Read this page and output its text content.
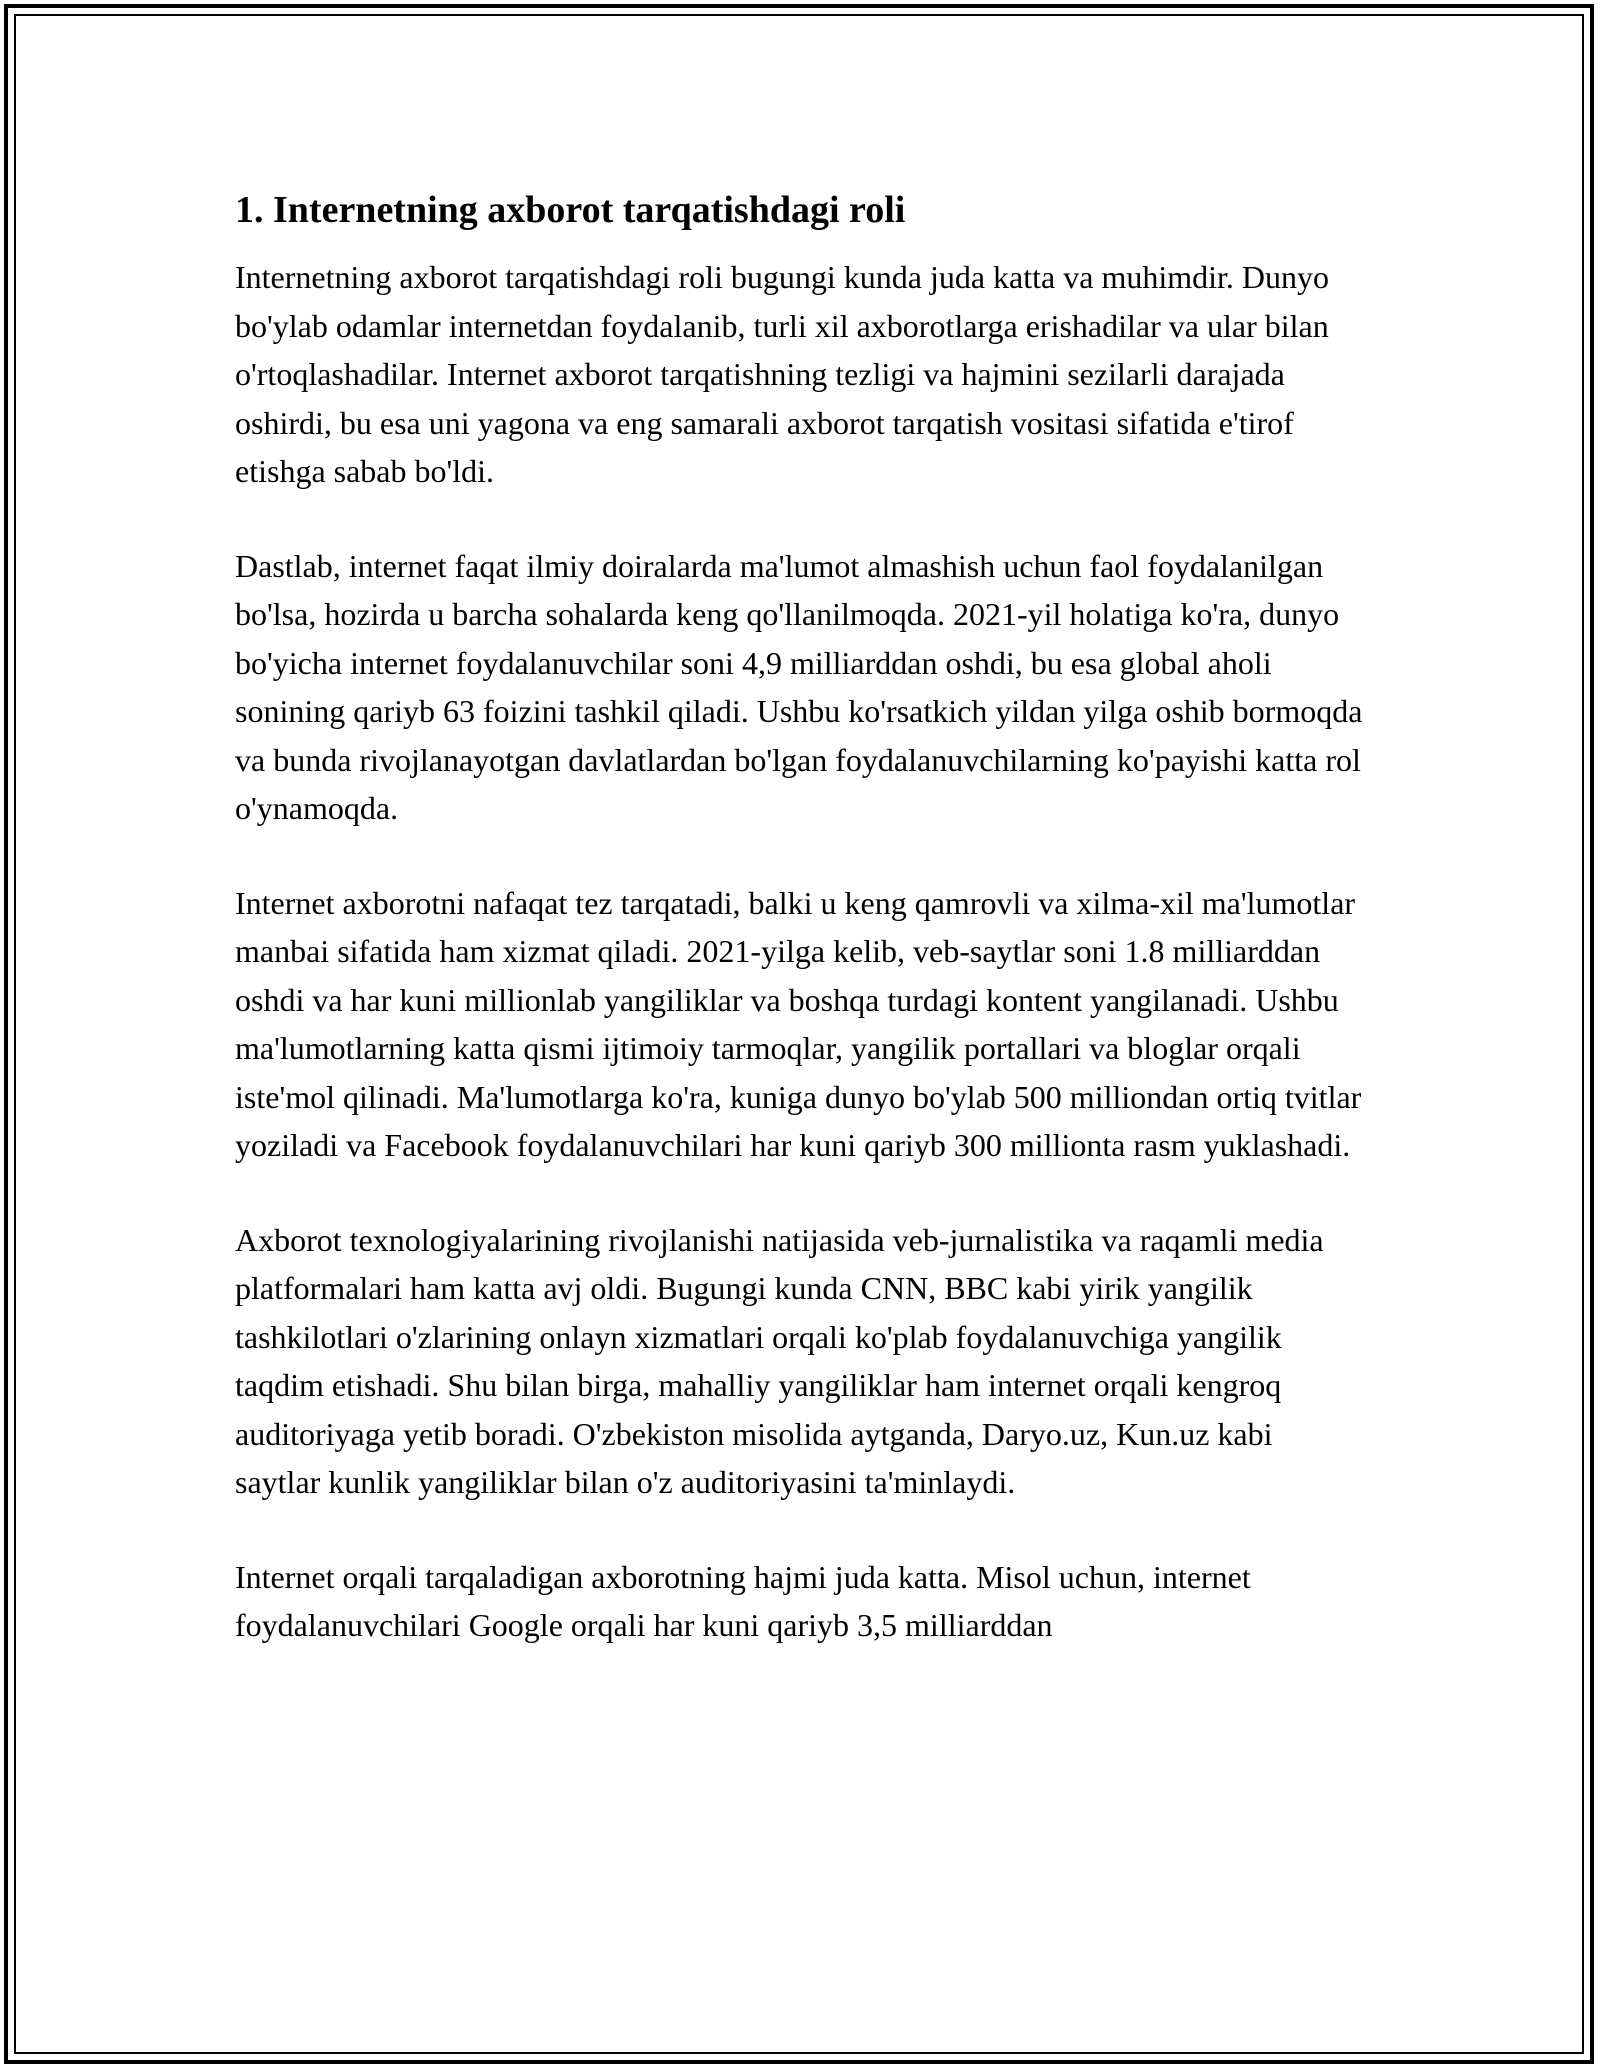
1. Internetning axborot tarqatishdagi roli

Internetning axborot tarqatishdagi roli bugungi kunda juda katta va muhimdir. Dunyo bo'ylab odamlar internetdan foydalanib, turli xil axborotlarga erishadilar va ular bilan o'rtoqlashadilar. Internet axborot tarqatishning tezligi va hajmini sezilarli darajada oshirdi, bu esa uni yagona va eng samarali axborot tarqatish vositasi sifatida e'tirof etishga sabab bo'ldi.

Dastlab, internet faqat ilmiy doiralarda ma'lumot almashish uchun faol foydalanilgan bo'lsa, hozirda u barcha sohalarda keng qo'llanilmoqda. 2021-yil holatiga ko'ra, dunyo bo'yicha internet foydalanuvchilar soni 4,9 milliarddan oshdi, bu esa global aholi sonining qariyb 63 foizini tashkil qiladi. Ushbu ko'rsatkich yildan yilga oshib bormoqda va bunda rivojlanayotgan davlatlardan bo'lgan foydalanuvchilarning ko'payishi katta rol o'ynamoqda.

Internet axborotni nafaqat tez tarqatadi, balki u keng qamrovli va xilma-xil ma'lumotlar manbai sifatida ham xizmat qiladi. 2021-yilga kelib, veb-saytlar soni 1.8 milliarddan oshdi va har kuni millionlab yangiliklar va boshqa turdagi kontent yangilanadi. Ushbu ma'lumotlarning katta qismi ijtimoiy tarmoqlar, yangilik portallari va bloglar orqali iste'mol qilinadi. Ma'lumotlarga ko'ra, kuniga dunyo bo'ylab 500 milliondan ortiq tvitlar yoziladi va Facebook foydalanuvchilari har kuni qariyb 300 millionta rasm yuklashadi.

Axborot texnologiyalarining rivojlanishi natijasida veb-jurnalistika va raqamli media platformalari ham katta avj oldi. Bugungi kunda CNN, BBC kabi yirik yangilik tashkilotlari o'zlarining onlayn xizmatlari orqali ko'plab foydalanuvchiga yangilik taqdim etishadi. Shu bilan birga, mahalliy yangiliklar ham internet orqali kengroq auditoriyaga yetib boradi. O'zbekiston misolida aytganda, Daryo.uz, Kun.uz kabi saytlar kunlik yangiliklar bilan o'z auditoriyasini ta'minlaydi.

Internet orqali tarqaladigan axborotning hajmi juda katta. Misol uchun, internet foydalanuvchilari Google orqali har kuni qariyb 3,5 milliarddan
